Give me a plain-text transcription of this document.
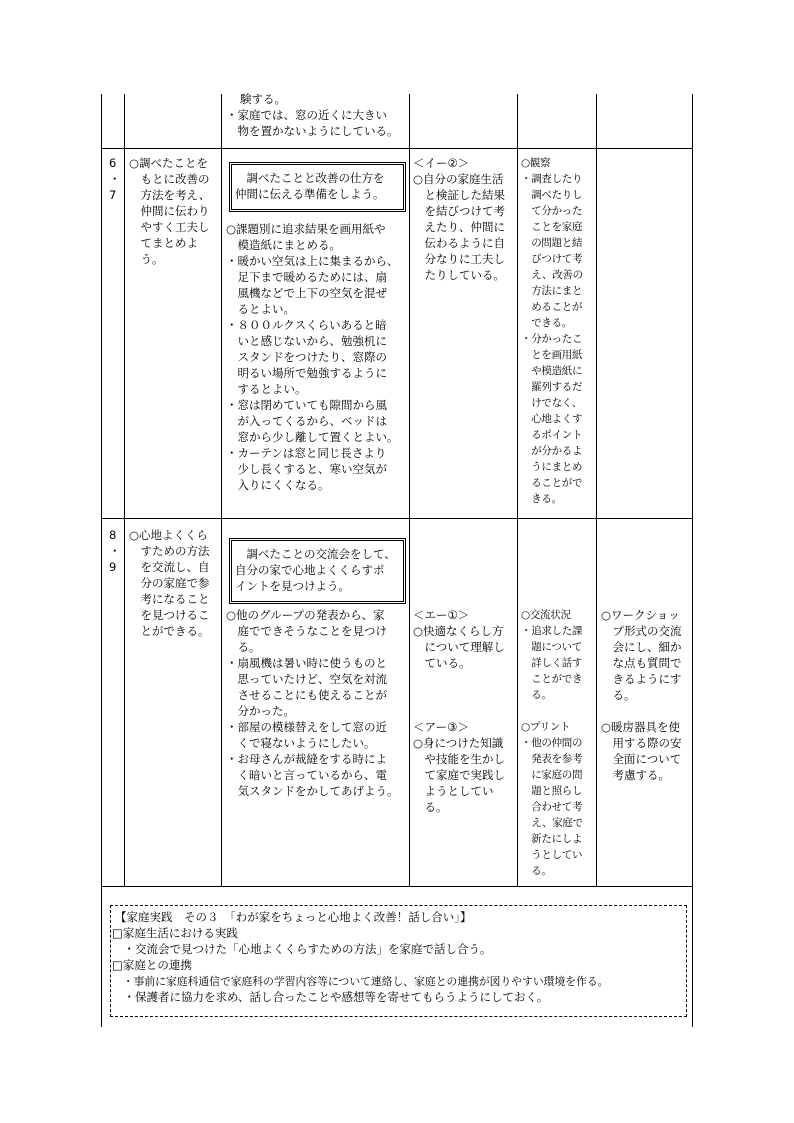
験する。
・家庭では、窓の近くに大きい
　物を置かないようにしている。
6
・
7
○調べたことを
　もとに改善の
　方法を考え、
　仲間に伝わり
　やすく工夫し
　てまとめよ
　う。
　調べたことと改善の仕方を
仲間に伝える準備をしよう。
○課題別に追求結果を画用紙や
　模造紙にまとめる。
・暖かい空気は上に集まるから、
　足下まで暖めるためには、扇
　風機などで上下の空気を混ぜ
　るとよい。
・８００ルクスくらいあると暗
　いと感じないから、勉強机に
　スタンドをつけたり、窓際の
　明るい場所で勉強するように
　するとよい。
・窓は閉めていても隙間から風
　が入ってくるから、ベッドは
　窓から少し離して置くとよい。
・カーテンは窓と同じ長さより
　少し長くすると、寒い空気が
　入りにくくなる。
＜イー②＞
○自分の家庭生活
　と検証した結果
　を結びつけて考
　えたり、仲間に
　伝わるように自
　分なりに工夫し
　たりしている。
○観察
・調査したり
　調べたりし
　て分かった
　ことを家庭
　の問題と結
　びつけて考
　え、改善の
　方法にまと
　めることが
　できる。
・分かったこ
　とを画用紙
　や模造紙に
　羅列するだ
　けでなく、
　心地よくす
　るポイント
　が分かるよ
　うにまとめ
　ることがで
　きる。
8
・
9
○心地よくくら
　すための方法
　を交流し、自
　分の家庭で参
　考になること
　を見つけるこ
　とができる。
　調べたことの交流会をして、
自分の家で心地よくくらすポ
イントを見つけよう。
○他のグループの発表から、家
　庭でできそうなことを見つけ
　る。
・扇風機は暑い時に使うものと
　思っていたけど、空気を対流
　させることにも使えることが
　分かった。
・部屋の模様替えをして窓の近
　くで寝ないようにしたい。
・お母さんが裁縫をする時によ
　く暗いと言っているから、電
　気スタンドをかしてあげよう。
＜エー①＞
○快適なくらし方
　について理解し
　ている。
＜アー③＞
○身につけた知識
　や技能を生かし
　て家庭で実践し
　ようとしてい
　る。
○交流状況
・追求した課
　題について
　詳しく話す
　ことができ
　る。
○プリント
・他の仲間の
　発表を参考
　に家庭の問
　題と照らし
　合わせて考
　え、家庭で
　新たにしよ
　うとしてい
　る。
○ワークショッ
　プ形式の交流
　会にし、細か
　な点も質問で
　きるようにす
　る。
○暖房器具を使
　用する際の安
　全面について
　考慮する。
【家庭実践　その３　「わが家をちょっと心地よく改善！話し合い」】
□家庭生活における実践
　・交流会で見つけた「心地よくくらすための方法」を家庭で話し合う。
□家庭との連携
　・事前に家庭科通信で家庭科の学習内容等について連絡し、家庭との連携が図りやすい環境を作る。
　・保護者に協力を求め、話し合ったことや感想等を寄せてもらうようにしておく。
